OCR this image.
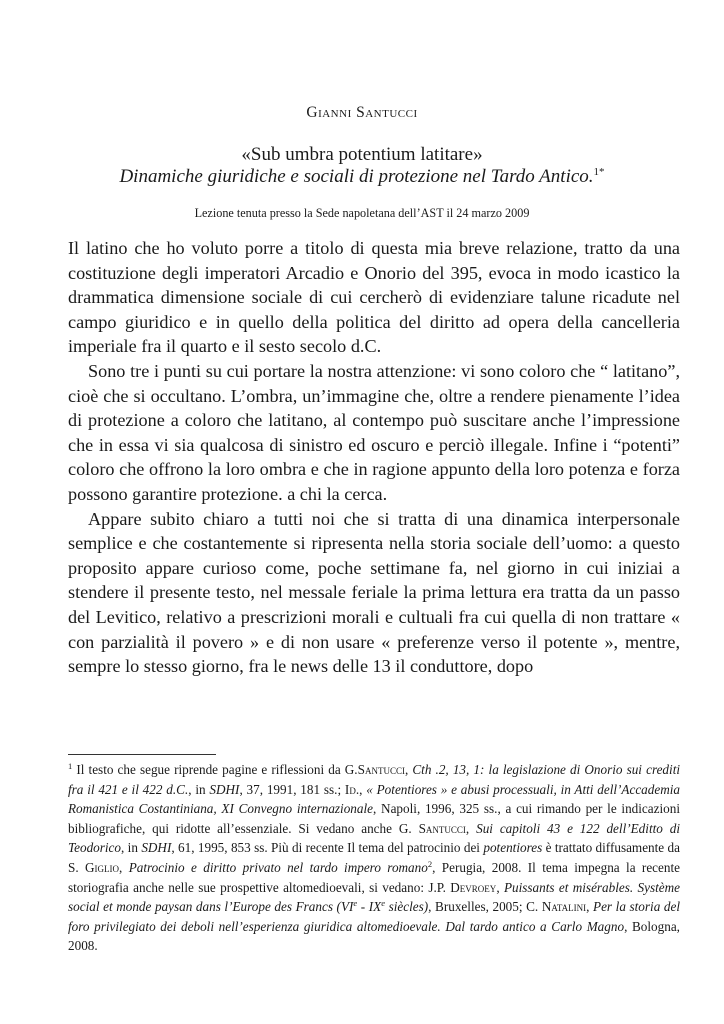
Gianni Santucci
«Sub umbra potentium latitare»
Dinamiche giuridiche e sociali di protezione nel Tardo Antico.$^{1*}$
Lezione tenuta presso la Sede napoletana dell’AST il 24 marzo 2009

Il latino che ho voluto porre a titolo di questa mia breve relazione, tratto da una costituzione degli imperatori Arcadio e Onorio del 395, evoca in modo icastico la drammatica dimensione sociale di cui cercherò di evidenziare talune ricadute nel campo giuridico e in quello della politica del diritto ad opera della cancelleria imperiale fra il quarto e il sesto secolo d.C.

Sono tre i punti su cui portare la nostra attenzione: vi sono coloro che “ latitano”, cioè che si occultano. L’ombra, un’immagine che, oltre a rendere pienamente l’idea di protezione a coloro che latitano, al contempo può suscitare anche l’impressione che in essa vi sia qualcosa di sinistro ed oscuro e perciò illegale. Infine i “potenti” coloro che offrono la loro ombra e che in ragione appunto della loro potenza e forza possono garantire protezione. a chi la cerca.

Appare subito chiaro a tutti noi che si tratta di una dinamica interpersonale semplice e che costantemente si ripresenta nella storia sociale dell’uomo: a questo proposito appare curioso come, poche settimane fa, nel giorno in cui iniziai a stendere il presente testo, nel messale feriale la prima lettura era tratta da un passo del Levitico, relativo a prescrizioni morali e cultuali fra cui quella di non trattare « con parzialità il povero » e di non usare « preferenze verso il potente », mentre, sempre lo stesso giorno, fra le news delle 13 il conduttore, dopo

$^1$ Il testo che segue riprende pagine e riflessioni da G.Santucci, Cth .2, 13, 1: la legislazione di Onorio sui crediti fra il 421 e il 422 d.C., in SDHI, 37, 1991, 181 ss.; Id., « Potentiores » e abusi processuali, in Atti dell’Accademia Romanistica Costantiniana, XI Convegno internazionale, Napoli, 1996, 325 ss., a cui rimando per le indicazioni bibliografiche, qui ridotte all’essenziale. Si vedano anche G. Santucci, Sui capitoli 43 e 122 dell’Editto di Teodorico, in SDHI, 61, 1995, 853 ss. Più di recente Il tema del patrocinio dei potentiores è trattato diffusamente da S. Giglio, Patrocinio e diritto privato nel tardo impero romano$^2$, Perugia, 2008. Il tema impegna la recente storiografia anche nelle sue prospettive altomedioevali, si vedano: J.P. Devroey, Puissants et misérables. Système social et monde paysan dans l’Europe des Francs (VIe - IXe siècles), Bruxelles, 2005; C. Natalini, Per la storia del foro privilegiato dei deboli nell’esperienza giuridica altomedioevale. Dal tardo antico a Carlo Magno, Bologna, 2008.
